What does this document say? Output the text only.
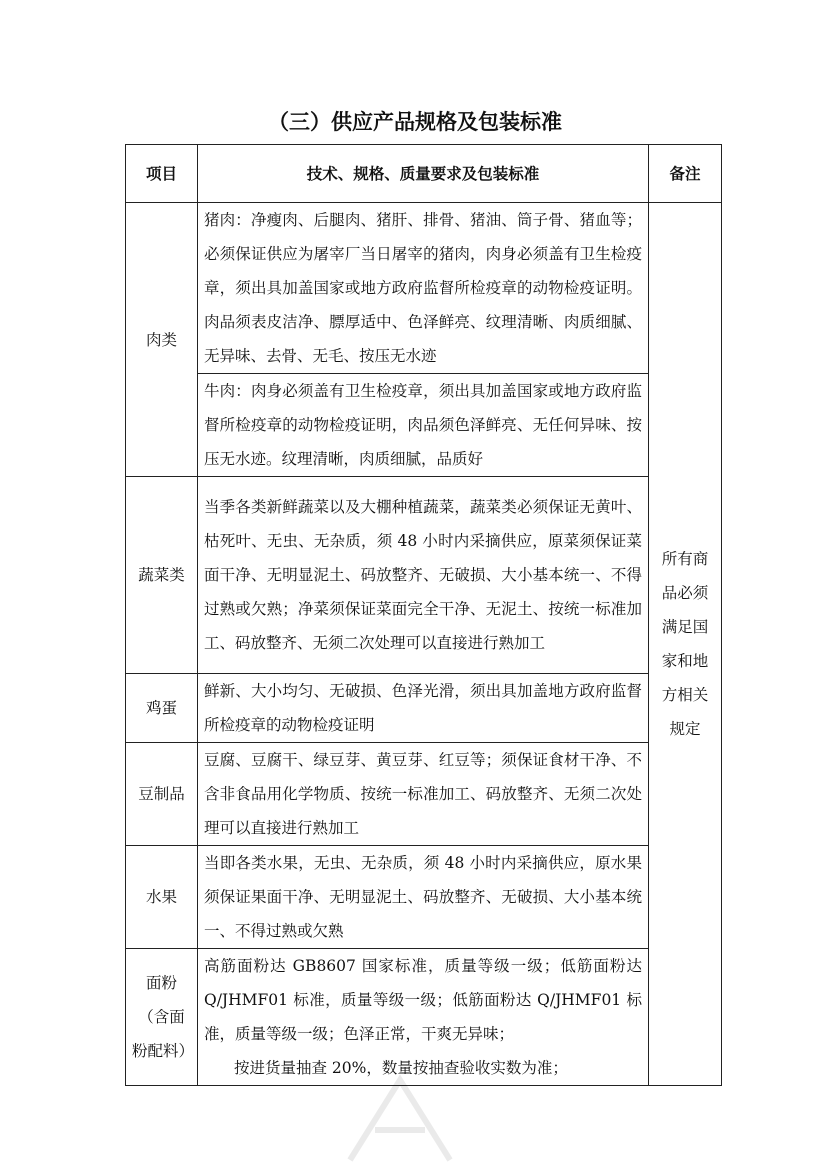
（三）供应产品规格及包装标准
项目	技术、规格、质量要求及包装标准	备注
肉类	猪肉：净瘦肉、后腿肉、猪肝、排骨、猪油、筒子骨、猪血等；必须保证供应为屠宰厂当日屠宰的猪肉，肉身必须盖有卫生检疫章，须出具加盖国家或地方政府监督所检疫章的动物检疫证明。肉品须表皮洁净、膘厚适中、色泽鲜亮、纹理清晰、肉质细腻、无异味、去骨、无毛、按压无水迹	所有商品必须满足国家和地方相关规定
	牛肉：肉身必须盖有卫生检疫章，须出具加盖国家或地方政府监督所检疫章的动物检疫证明，肉品须色泽鲜亮、无任何异味、按压无水迹。纹理清晰，肉质细腻，品质好	
蔬菜类	当季各类新鲜蔬菜以及大棚种植蔬菜，蔬菜类必须保证无黄叶、枯死叶、无虫、无杂质，须 48 小时内采摘供应，原菜须保证菜面干净、无明显泥土、码放整齐、无破损、大小基本统一、不得过熟或欠熟；净菜须保证菜面完全干净、无泥土、按统一标准加工、码放整齐、无须二次处理可以直接进行熟加工	
鸡蛋	鲜新、大小均匀、无破损、色泽光滑，须出具加盖地方政府监督所检疫章的动物检疫证明	
豆制品	豆腐、豆腐干、绿豆芽、黄豆芽、红豆等；须保证食材干净、不含非食品用化学物质、按统一标准加工、码放整齐、无须二次处理可以直接进行熟加工	
水果	当即各类水果，无虫、无杂质，须 48 小时内采摘供应，原水果须保证果面干净、无明显泥土、码放整齐、无破损、大小基本统一、不得过熟或欠熟	
面粉（含面粉配料）	高筋面粉达 GB8607 国家标准，质量等级一级；低筋面粉达 Q/JHMF01 标准，质量等级一级；低筋面粉达 Q/JHMF01 标准，质量等级一级；色泽正常，干爽无异味；
按进货量抽查 20%，数量按抽查验收实数为准；	
